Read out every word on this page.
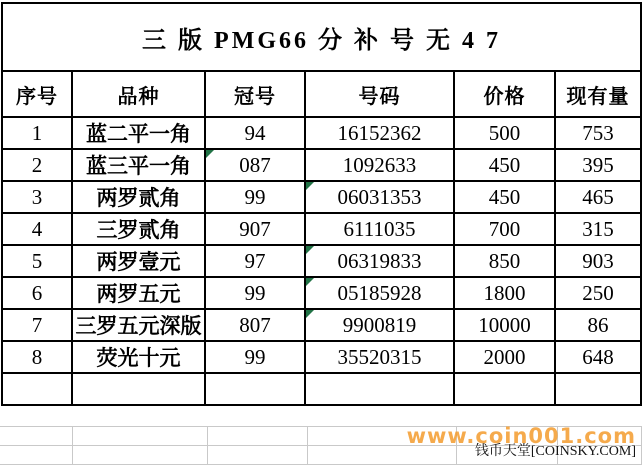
三 版 PMG66 分 补 号 无 4 7					
序号	品种	冠号	号码	价格	现有量
1	蓝二平一角	94	16152362	500	753
2	蓝三平一角	087	1092633	450	395
3	两罗贰角	99	06031353	450	465
4	三罗贰角	907	6111035	700	315
5	两罗壹元	97	06319833	850	903
6	两罗五元	99	05185928	1800	250
7	三罗五元深版	807	9900819	10000	86
8	荧光十元	99	35520315	2000	648

www.coin001.com
钱币天堂[COINSKY.COM]
